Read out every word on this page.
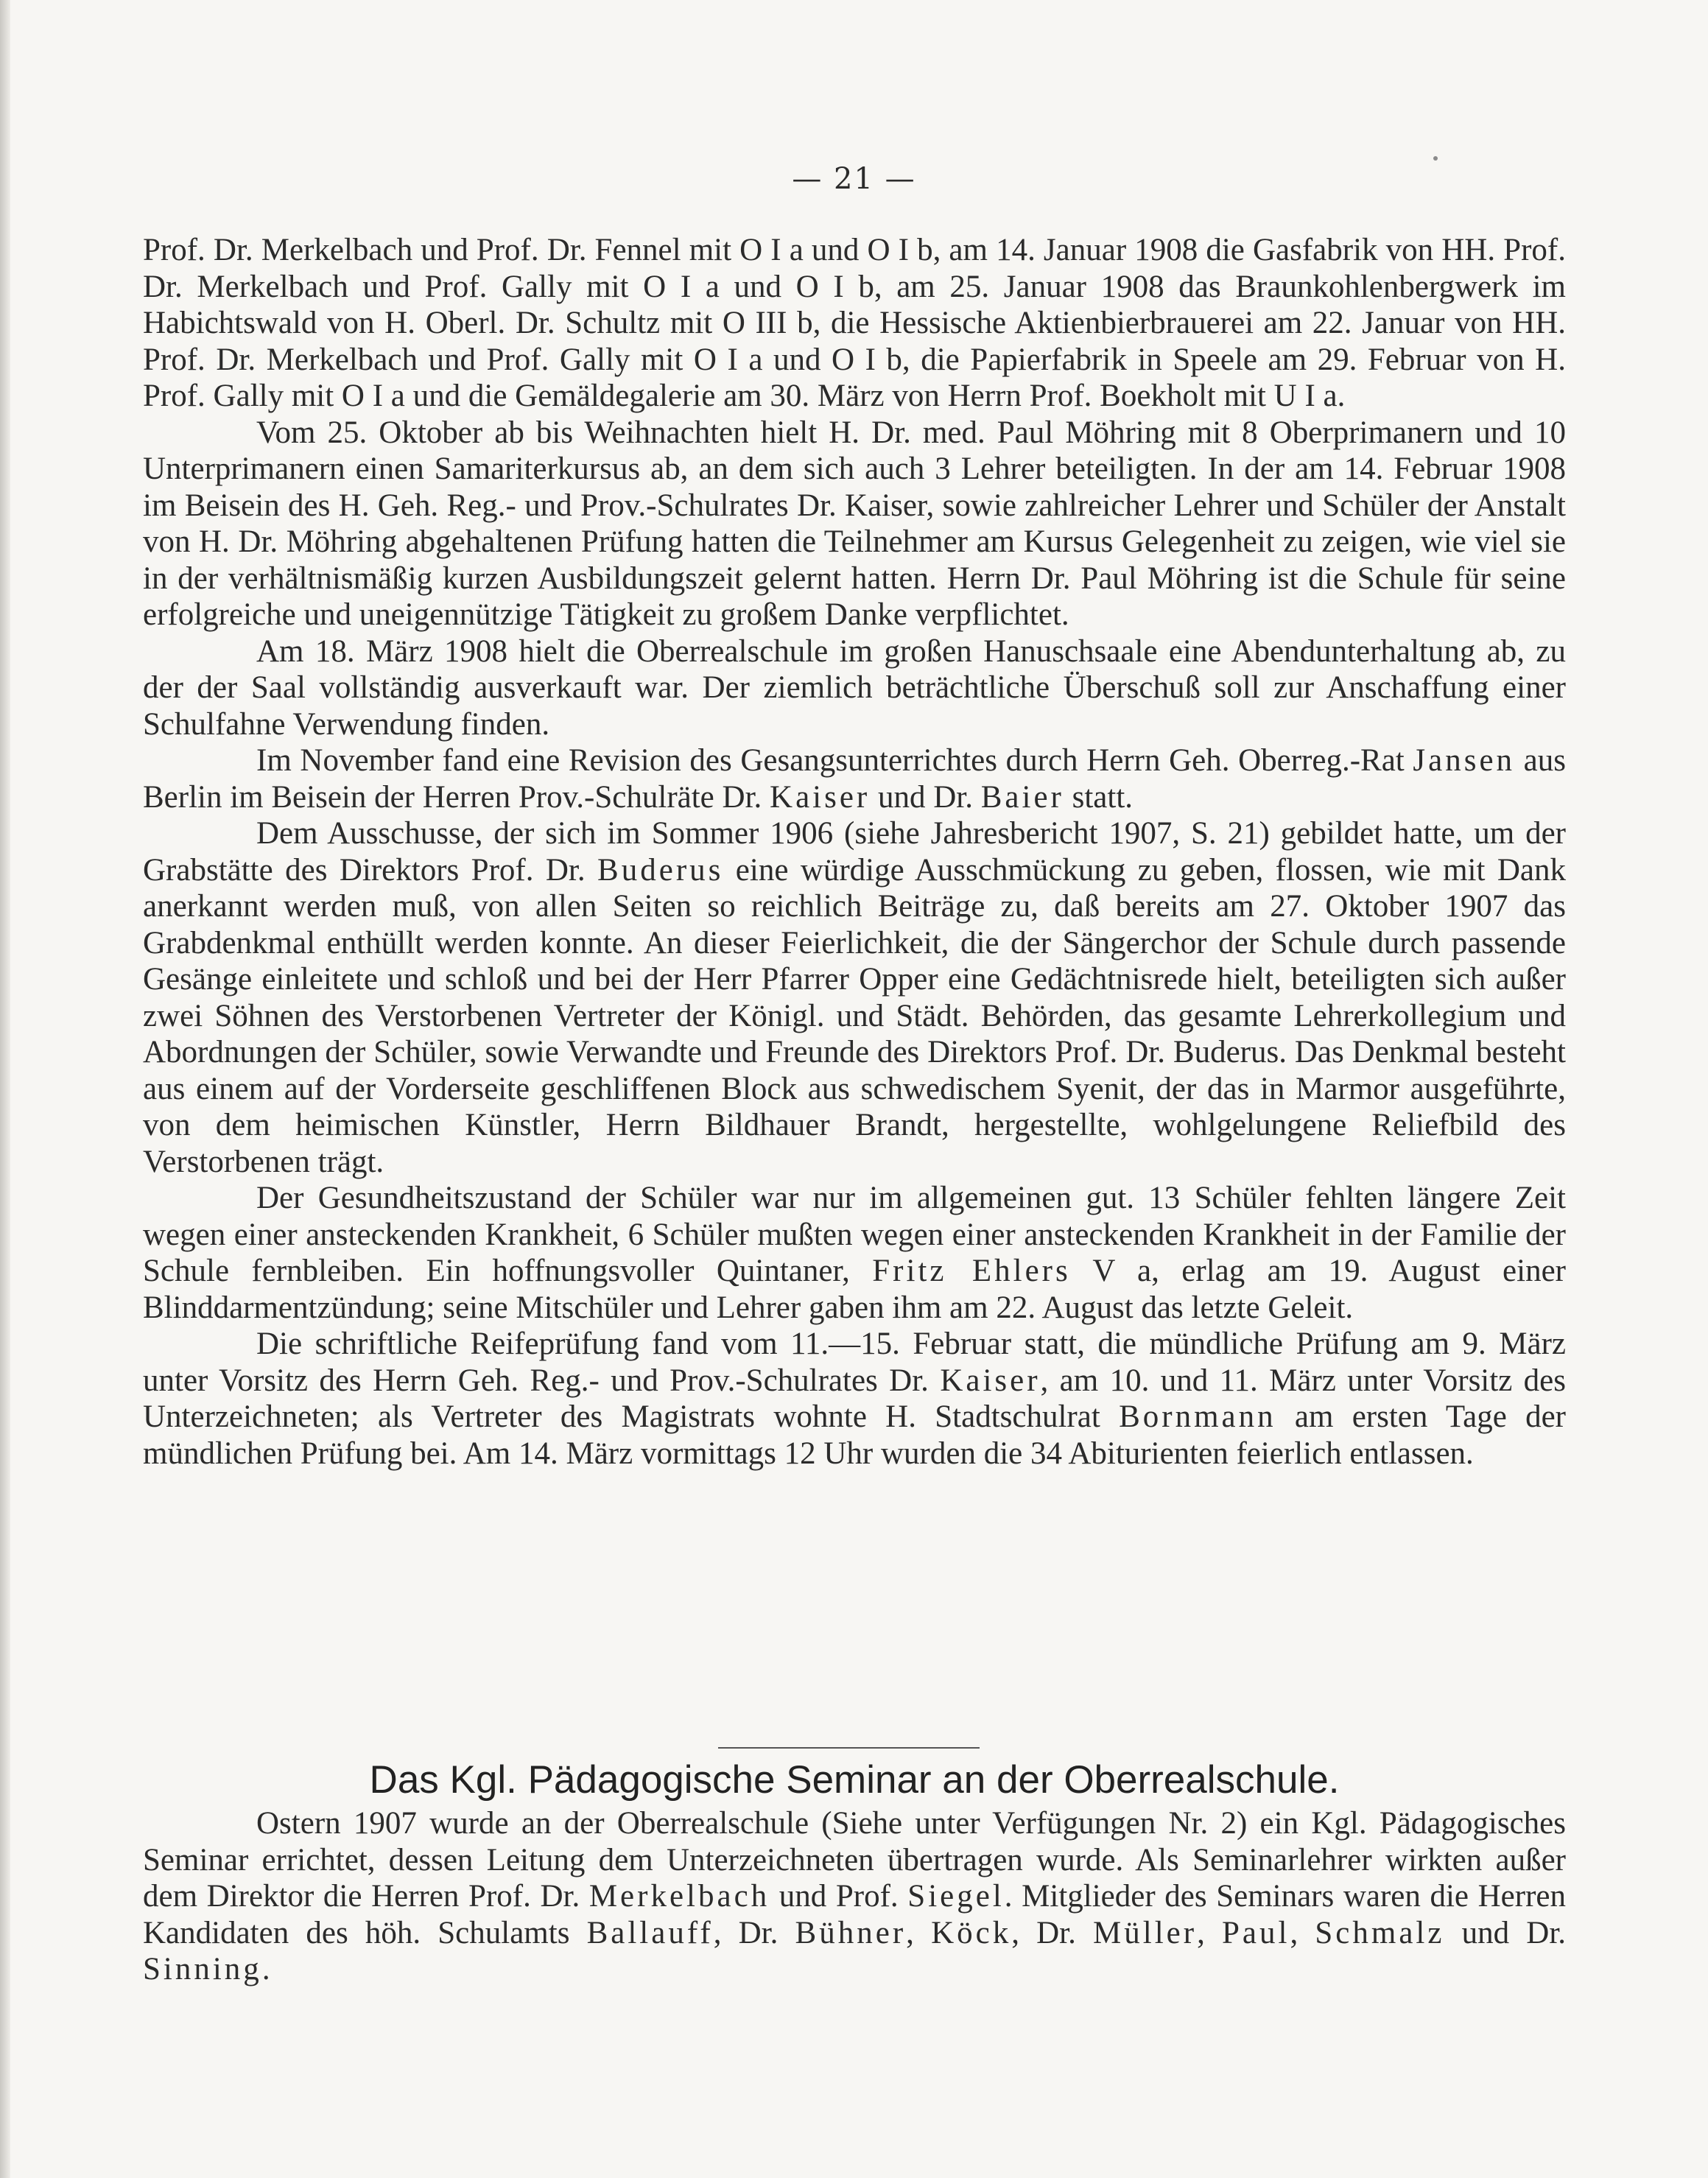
— 21 —

Prof. Dr. Merkelbach und Prof. Dr. Fennel mit O I a und O I b, am 14. Januar 1908 die Gasfabrik von HH. Prof. Dr. Merkelbach und Prof. Gally mit O I a und O I b, am 25. Januar 1908 das Braunkohlenbergwerk im Habichtswald von H. Oberl. Dr. Schultz mit O III b, die Hessische Aktienbierbrauerei am 22. Januar von HH. Prof. Dr. Merkelbach und Prof. Gally mit O I a und O I b, die Papierfabrik in Speele am 29. Februar von H. Prof. Gally mit O I a und die Gemäldegalerie am 30. März von Herrn Prof. Boekholt mit U I a.

Vom 25. Oktober ab bis Weihnachten hielt H. Dr. med. Paul Möhring mit 8 Oberprimanern und 10 Unterprimanern einen Samariterkursus ab, an dem sich auch 3 Lehrer beteiligten. In der am 14. Februar 1908 im Beisein des H. Geh. Reg.- und Prov.-Schulrates Dr. Kaiser, sowie zahlreicher Lehrer und Schüler der Anstalt von H. Dr. Möhring abgehaltenen Prüfung hatten die Teilnehmer am Kursus Gelegenheit zu zeigen, wie viel sie in der verhältnismäßig kurzen Ausbildungszeit gelernt hatten. Herrn Dr. Paul Möhring ist die Schule für seine erfolgreiche und uneigennützige Tätigkeit zu großem Danke verpflichtet.

Am 18. März 1908 hielt die Oberrealschule im großen Hanuschsaale eine Abendunterhaltung ab, zu der der Saal vollständig ausverkauft war. Der ziemlich beträchtliche Überschuß soll zur Anschaffung einer Schulfahne Verwendung finden.

Im November fand eine Revision des Gesangsunterrichtes durch Herrn Geh. Oberreg.-Rat Jansen aus Berlin im Beisein der Herren Prov.-Schulräte Dr. Kaiser und Dr. Baier statt.

Dem Ausschusse, der sich im Sommer 1906 (siehe Jahresbericht 1907, S. 21) gebildet hatte, um der Grabstätte des Direktors Prof. Dr. Buderus eine würdige Ausschmückung zu geben, flossen, wie mit Dank anerkannt werden muß, von allen Seiten so reichlich Beiträge zu, daß bereits am 27. Oktober 1907 das Grabdenkmal enthüllt werden konnte. An dieser Feierlichkeit, die der Sängerchor der Schule durch passende Gesänge einleitete und schloß und bei der Herr Pfarrer Opper eine Gedächtnisrede hielt, beteiligten sich außer zwei Söhnen des Verstorbenen Vertreter der Königl. und Städt. Behörden, das gesamte Lehrerkollegium und Abordnungen der Schüler, sowie Verwandte und Freunde des Direktors Prof. Dr. Buderus. Das Denkmal besteht aus einem auf der Vorderseite geschliffenen Block aus schwedischem Syenit, der das in Marmor ausgeführte, von dem heimischen Künstler, Herrn Bildhauer Brandt, hergestellte, wohlgelungene Reliefbild des Verstorbenen trägt.

Der Gesundheitszustand der Schüler war nur im allgemeinen gut. 13 Schüler fehlten längere Zeit wegen einer ansteckenden Krankheit, 6 Schüler mußten wegen einer ansteckenden Krankheit in der Familie der Schule fernbleiben. Ein hoffnungsvoller Quintaner, Fritz Ehlers V a, erlag am 19. August einer Blinddarmentzündung; seine Mitschüler und Lehrer gaben ihm am 22. August das letzte Geleit.

Die schriftliche Reifeprüfung fand vom 11.—15. Februar statt, die mündliche Prüfung am 9. März unter Vorsitz des Herrn Geh. Reg.- und Prov.-Schulrates Dr. Kaiser, am 10. und 11. März unter Vorsitz des Unterzeichneten; als Vertreter des Magistrats wohnte H. Stadtschulrat Bornmann am ersten Tage der mündlichen Prüfung bei. Am 14. März vormittags 12 Uhr wurden die 34 Abiturienten feierlich entlassen.

Das Kgl. Pädagogische Seminar an der Oberrealschule.

Ostern 1907 wurde an der Oberrealschule (Siehe unter Verfügungen Nr. 2) ein Kgl. Pädagogisches Seminar errichtet, dessen Leitung dem Unterzeichneten übertragen wurde. Als Seminarlehrer wirkten außer dem Direktor die Herren Prof. Dr. Merkelbach und Prof. Siegel. Mitglieder des Seminars waren die Herren Kandidaten des höh. Schulamts Ballauff, Dr. Bühner, Köck, Dr. Müller, Paul, Schmalz und Dr. Sinning.
